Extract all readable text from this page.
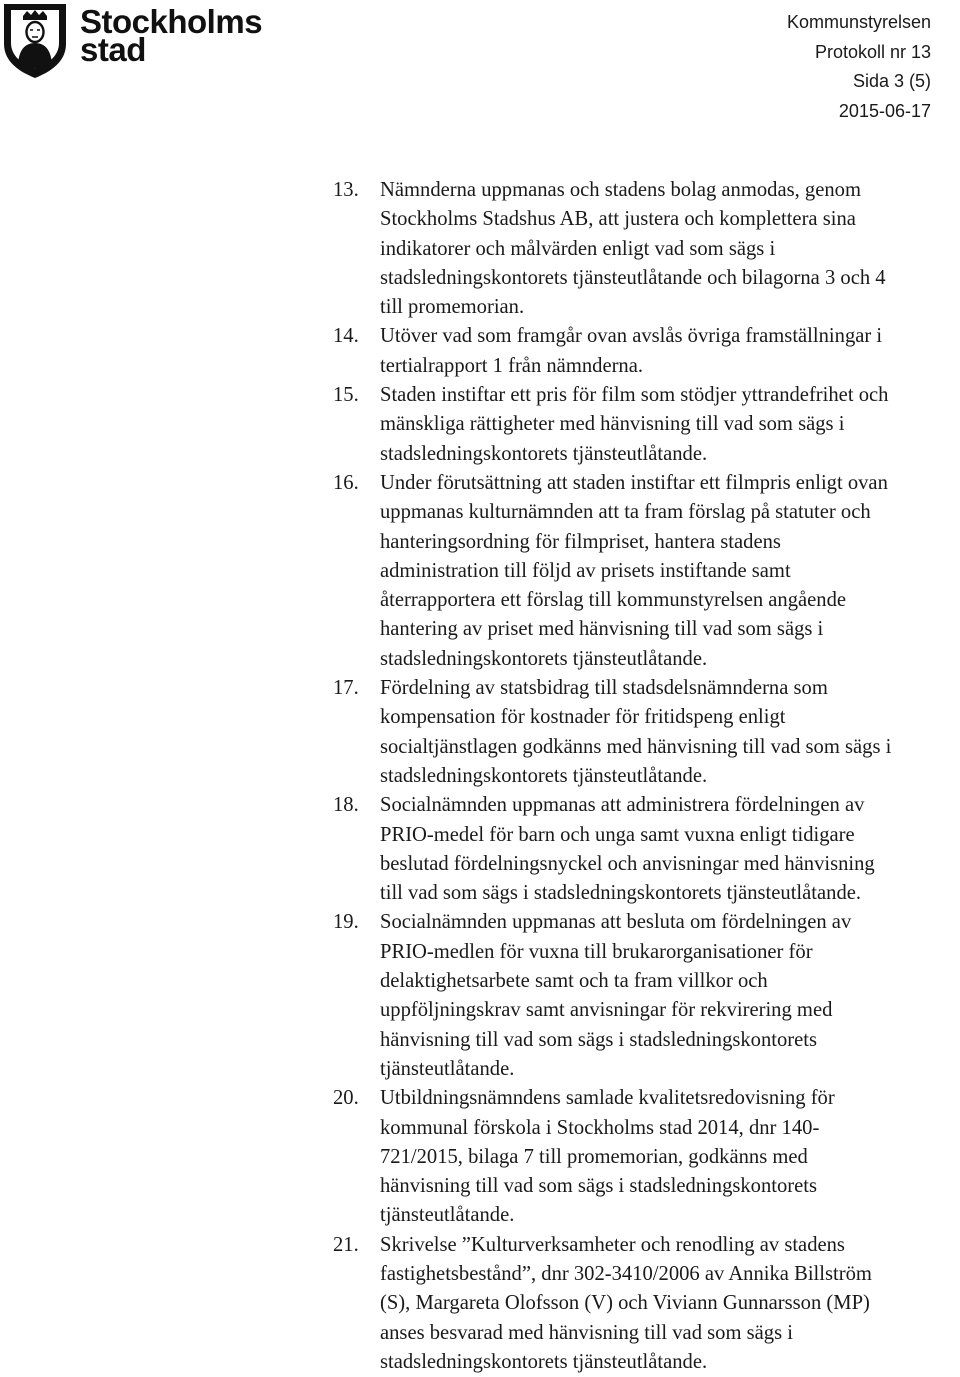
Stockholms
stad
Kommunstyrelsen
Protokoll nr 13
Sida 3 (5)
2015-06-17
13. Nämnderna uppmanas och stadens bolag anmodas, genom
Stockholms Stadshus AB, att justera och komplettera sina
indikatorer och målvärden enligt vad som sägs i
stadsledningskontorets tjänsteutlåtande och bilagorna 3 och 4
till promemorian.
14. Utöver vad som framgår ovan avslås övriga framställningar i
tertialrapport 1 från nämnderna.
15. Staden instiftar ett pris för film som stödjer yttrandefrihet och
mänskliga rättigheter med hänvisning till vad som sägs i
stadsledningskontorets tjänsteutlåtande.
16. Under förutsättning att staden instiftar ett filmpris enligt ovan
uppmanas kulturnämnden att ta fram förslag på statuter och
hanteringsordning för filmpriset, hantera stadens
administration till följd av prisets instiftande samt
återrapportera ett förslag till kommunstyrelsen angående
hantering av priset med hänvisning till vad som sägs i
stadsledningskontorets tjänsteutlåtande.
17. Fördelning av statsbidrag till stadsdelsnämnderna som
kompensation för kostnader för fritidspeng enligt
socialtjänstlagen godkänns med hänvisning till vad som sägs i
stadsledningskontorets tjänsteutlåtande.
18. Socialnämnden uppmanas att administrera fördelningen av
PRIO-medel för barn och unga samt vuxna enligt tidigare
beslutad fördelningsnyckel och anvisningar med hänvisning
till vad som sägs i stadsledningskontorets tjänsteutlåtande.
19. Socialnämnden uppmanas att besluta om fördelningen av
PRIO-medlen för vuxna till brukarorganisationer för
delaktighetsarbete samt och ta fram villkor och
uppföljningskrav samt anvisningar för rekvirering med
hänvisning till vad som sägs i stadsledningskontorets
tjänsteutlåtande.
20. Utbildningsnämndens samlade kvalitetsredovisning för
kommunal förskola i Stockholms stad 2014, dnr 140-
721/2015, bilaga 7 till promemorian, godkänns med
hänvisning till vad som sägs i stadsledningskontorets
tjänsteutlåtande.
21. Skrivelse ”Kulturverksamheter och renodling av stadens
fastighetsbestånd”, dnr 302-3410/2006 av Annika Billström
(S), Margareta Olofsson (V) och Viviann Gunnarsson (MP)
anses besvarad med hänvisning till vad som sägs i
stadsledningskontorets tjänsteutlåtande.
